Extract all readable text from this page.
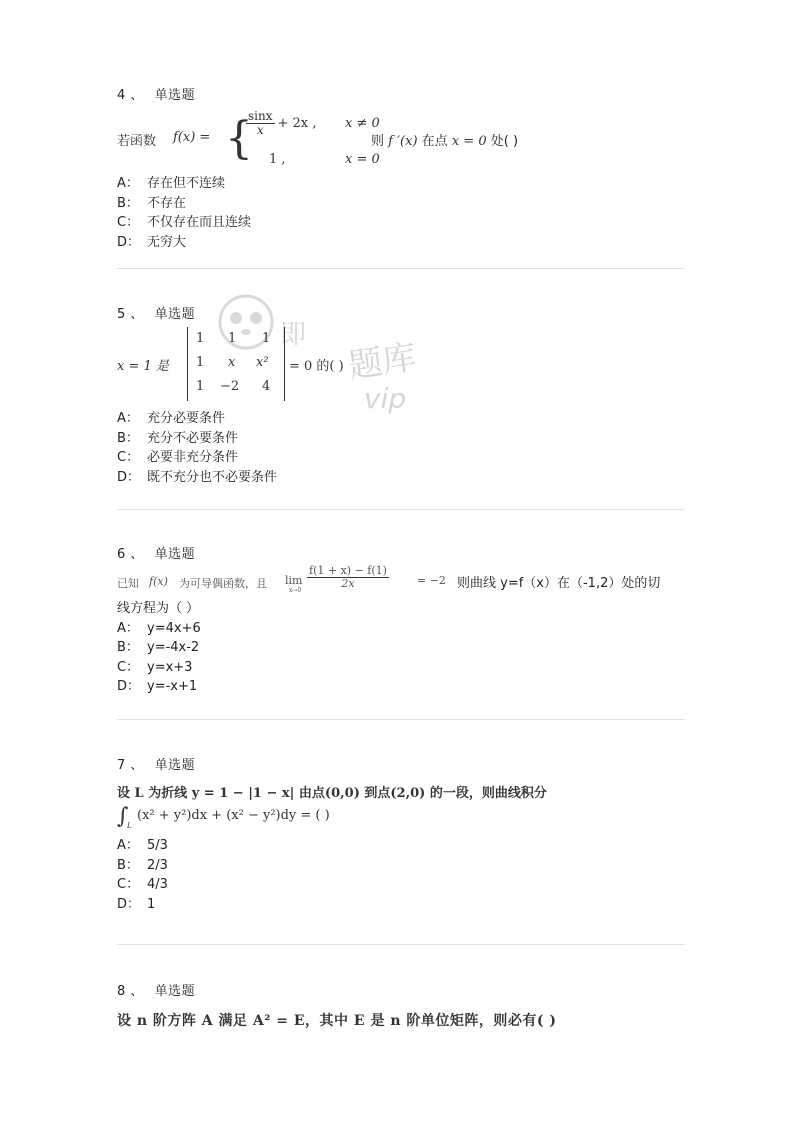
即
题库
vip
4 、 单选题
若函数 f(x) = {
$\frac{\sin x}{x} + 2x$ , x ≠ 0
1 ,	x = 0
则 f ′(x) 在点 x = 0 处( )
A： 存在但不连续
B： 不存在
C： 不仅存在而且连续
D： 无穷大
5 、 单选题
x = 1 是
1 1 1
1 x x²
1 −2 4
= 0 的( )
A： 充分必要条件
B： 充分不必要条件
C： 必要非充分条件
D： 既不充分也不必要条件
6 、 单选题
已知 f(x) 为可导偶函数，且 lim
x→0
$\frac{f(1 + x) - f(1)}{2x}$	= −2 则曲线 y=f（x）在（-1,2）处的切
线方程为（ ）
A： y=4x+6
B： y=-4x-2
C： y=x+3
D： y=-x+1
7 、 单选题
设 L 为折线 y = 1 − |1 − x| 由点(0,0) 到点(2,0) 的一段，则曲线积分
∫
L
(x² + y²)dx + (x² − y²)dy = ( )
A： 5/3
B： 2/3
C： 4/3
D： 1
8 、 单选题
设 n 阶方阵 A 满足 A² = E，其中 E 是 n 阶单位矩阵，则必有( )
